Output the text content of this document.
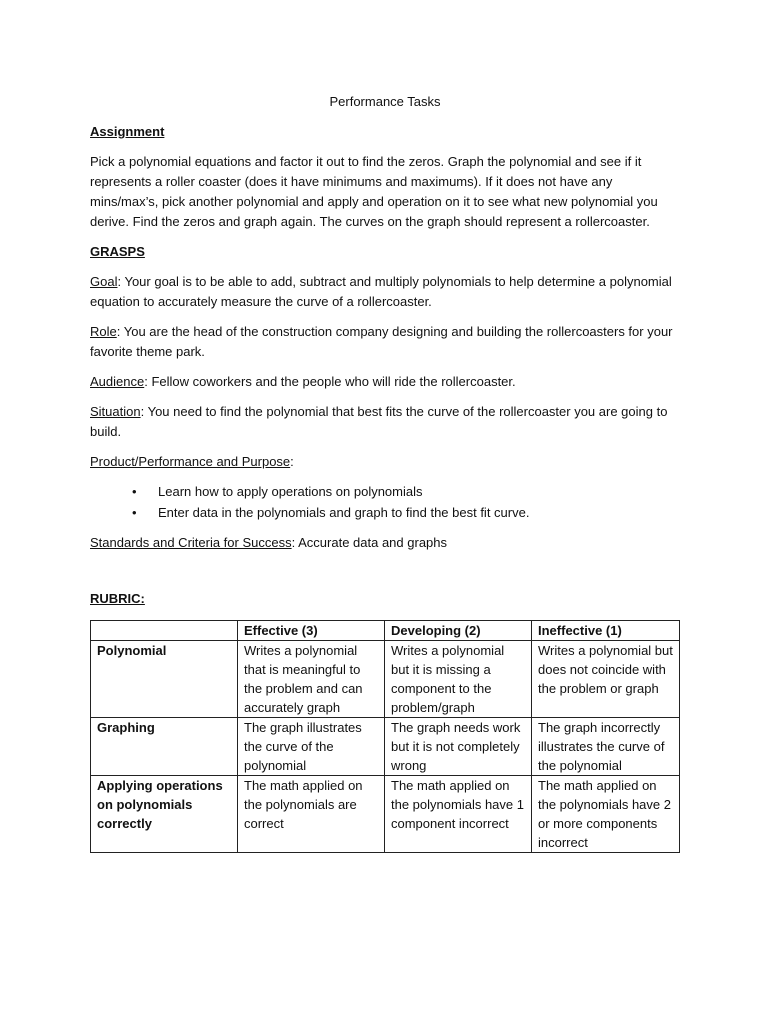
Performance Tasks
Assignment
Pick a polynomial equations and factor it out to find the zeros. Graph the polynomial and see if it represents a roller coaster (does it have minimums and maximums). If it does not have any mins/max’s, pick another polynomial and apply and operation on it to see what new polynomial you derive. Find the zeros and graph again. The curves on the graph should represent a rollercoaster.
GRASPS
Goal: Your goal is to be able to add, subtract and multiply polynomials to help determine a polynomial equation to accurately measure the curve of a rollercoaster.
Role: You are the head of the construction company designing and building the rollercoasters for your favorite theme park.
Audience: Fellow coworkers and the people who will ride the rollercoaster.
Situation: You need to find the polynomial that best fits the curve of the rollercoaster you are going to build.
Product/Performance and Purpose:
• Learn how to apply operations on polynomials
• Enter data in the polynomials and graph to find the best fit curve.
Standards and Criteria for Success: Accurate data and graphs
RUBRIC:
	Effective (3)	Developing (2)	Ineffective (1)
Polynomial	Writes a polynomial that is meaningful to the problem and can accurately graph	Writes a polynomial but it is missing a component to the problem/graph	Writes a polynomial but does not coincide with the problem or graph
Graphing	The graph illustrates the curve of the polynomial	The graph needs work but it is not completely wrong	The graph incorrectly illustrates the curve of the polynomial
Applying operations on polynomials correctly	The math applied on the polynomials are correct	The math applied on the polynomials have 1 component incorrect	The math applied on the polynomials have 2 or more components incorrect
